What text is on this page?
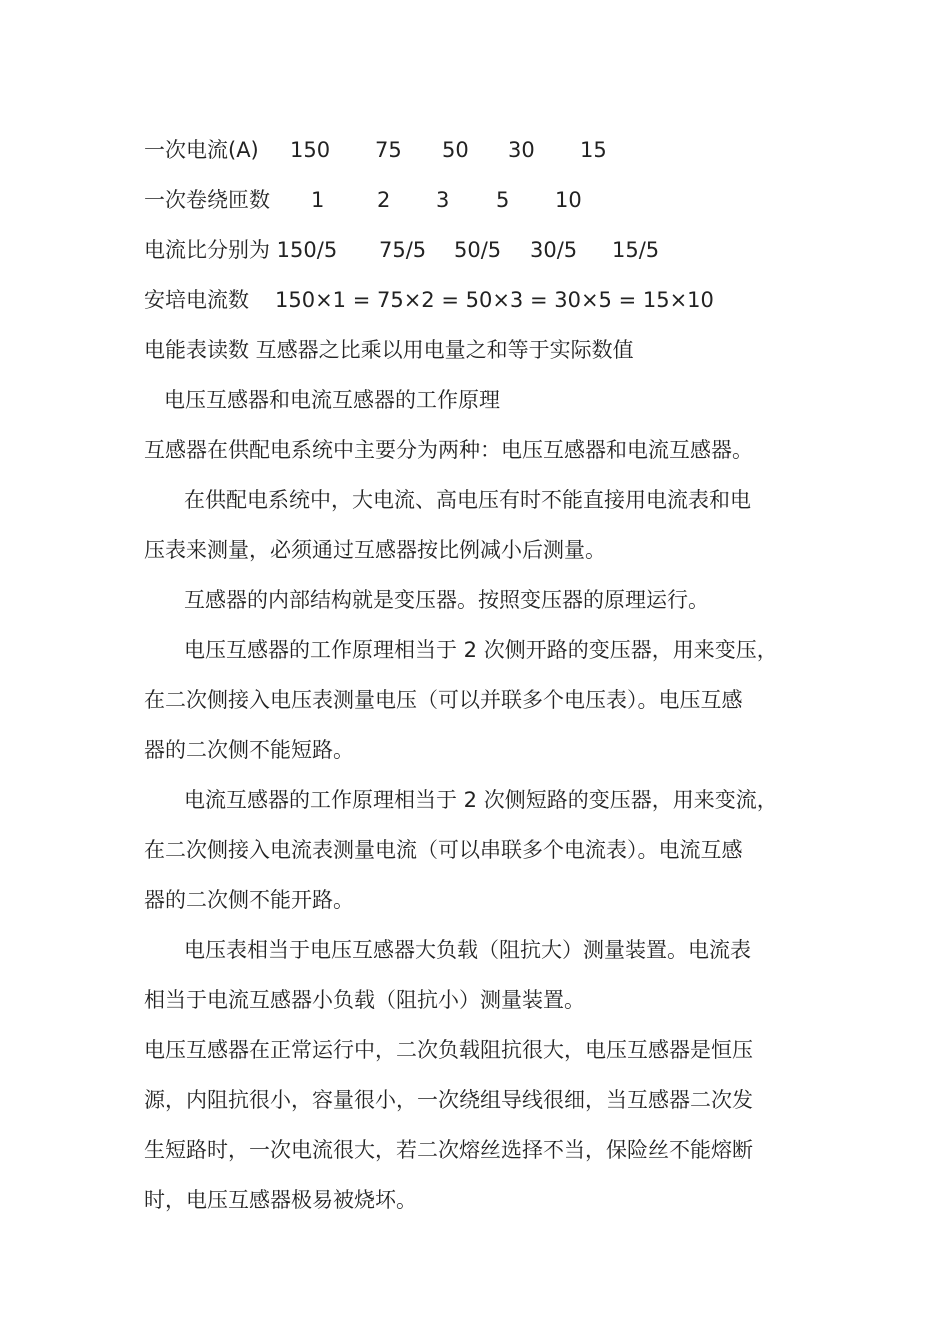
一次电流(A) 150 75 50 30 15
一次卷绕匝数 1	2 3 5 10
电流比分别为 150/5 75/5 50/5 30/5 15/5
安培电流数 150×1 = 75×2 = 50×3 = 30×5 = 15×10
电能表读数 互感器之比乘以用电量之和等于实际数值
电压互感器和电流互感器的工作原理
互感器在供配电系统中主要分为两种：电压互感器和电流互感器。
在供配电系统中，大电流、高电压有时不能直接用电流表和电
压表来测量，必须通过互感器按比例减小后测量。
互感器的内部结构就是变压器。按照变压器的原理运行。
电压互感器的工作原理相当于 2 次侧开路的变压器，用来变压，
在二次侧接入电压表测量电压（可以并联多个电压表）。电压互感
器的二次侧不能短路。
电流互感器的工作原理相当于 2 次侧短路的变压器，用来变流，
在二次侧接入电流表测量电流（可以串联多个电流表）。电流互感
器的二次侧不能开路。
电压表相当于电压互感器大负载（阻抗大）测量装置。电流表
相当于电流互感器小负载（阻抗小）测量装置。
电压互感器在正常运行中，二次负载阻抗很大，电压互感器是恒压
源，内阻抗很小，容量很小，一次绕组导线很细，当互感器二次发
生短路时，一次电流很大，若二次熔丝选择不当，保险丝不能熔断
时，电压互感器极易被烧坏。
